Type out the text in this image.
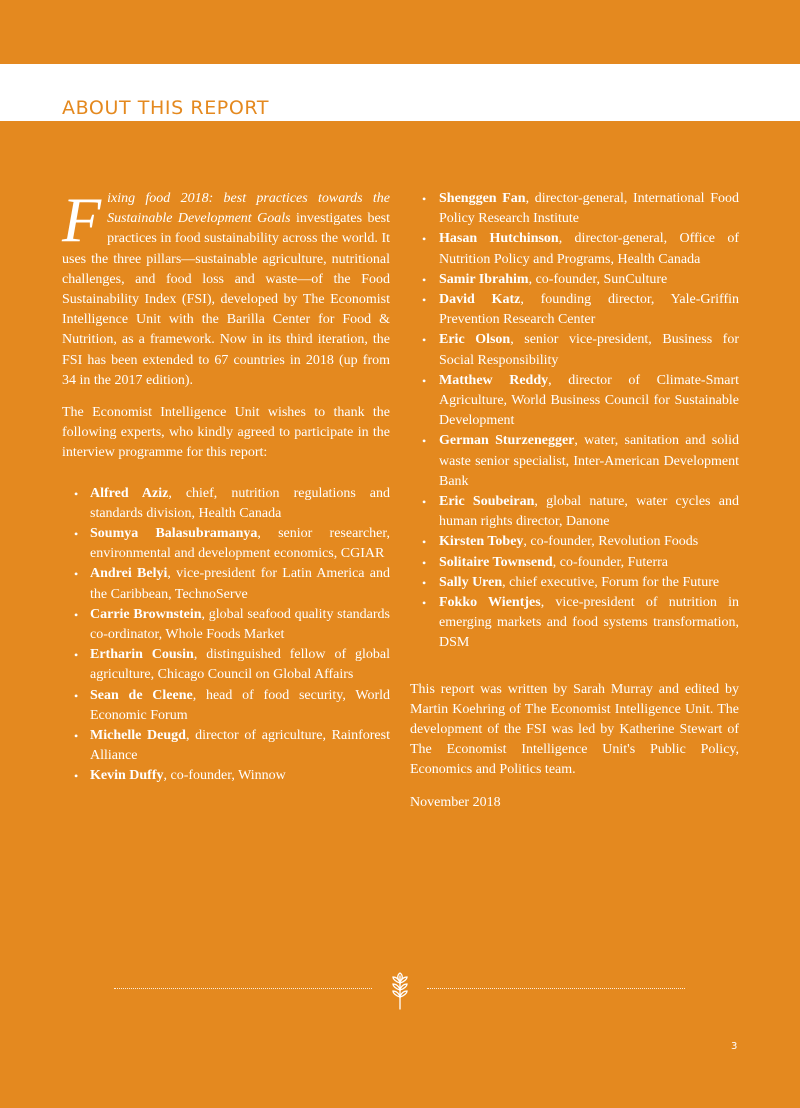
ABOUT THIS REPORT

Fixing food 2018: best practices towards the Sustainable Development Goals investigates best practices in food sustainability across the world. It uses the three pillars—sustainable agriculture, nutritional challenges, and food loss and waste—of the Food Sustainability Index (FSI), developed by The Economist Intelligence Unit with the Barilla Center for Food & Nutrition, as a framework. Now in its third iteration, the FSI has been extended to 67 countries in 2018 (up from 34 in the 2017 edition).

The Economist Intelligence Unit wishes to thank the following experts, who kindly agreed to participate in the interview programme for this report:

• Alfred Aziz, chief, nutrition regulations and standards division, Health Canada
• Soumya Balasubramanya, senior researcher, environmental and development economics, CGIAR
• Andrei Belyi, vice-president for Latin America and the Caribbean, TechnoServe
• Carrie Brownstein, global seafood quality standards co-ordinator, Whole Foods Market
• Ertharin Cousin, distinguished fellow of global agriculture, Chicago Council on Global Affairs
• Sean de Cleene, head of food security, World Economic Forum
• Michelle Deugd, director of agriculture, Rainforest Alliance
• Kevin Duffy, co-founder, Winnow
• Shenggen Fan, director-general, International Food Policy Research Institute
• Hasan Hutchinson, director-general, Office of Nutrition Policy and Programs, Health Canada
• Samir Ibrahim, co-founder, SunCulture
• David Katz, founding director, Yale-Griffin Prevention Research Center
• Eric Olson, senior vice-president, Business for Social Responsibility
• Matthew Reddy, director of Climate-Smart Agriculture, World Business Council for Sustainable Development
• German Sturzenegger, water, sanitation and solid waste senior specialist, Inter-American Development Bank
• Eric Soubeiran, global nature, water cycles and human rights director, Danone
• Kirsten Tobey, co-founder, Revolution Foods
• Solitaire Townsend, co-founder, Futerra
• Sally Uren, chief executive, Forum for the Future
• Fokko Wientjes, vice-president of nutrition in emerging markets and food systems transformation, DSM

This report was written by Sarah Murray and edited by Martin Koehring of The Economist Intelligence Unit. The development of the FSI was led by Katherine Stewart of The Economist Intelligence Unit's Public Policy, Economics and Politics team.

November 2018

3
